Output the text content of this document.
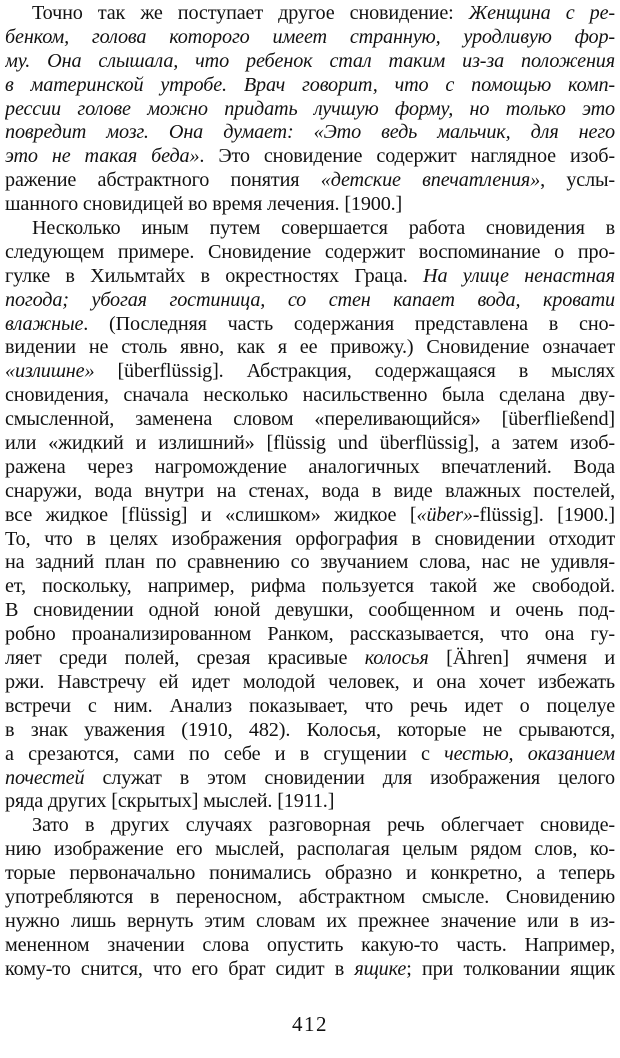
Точно так же поступает другое сновидение: Женщина с ре-
бенком, голова которого имеет странную, уродливую фор-
му. Она слышала, что ребенок стал таким из-за положения
в материнской утробе. Врач говорит, что с помощью комп-
рессии голове можно придать лучшую форму, но только это
повредит мозг. Она думает: «Это ведь мальчик, для него
это не такая беда». Это сновидение содержит наглядное изоб-
ражение абстрактного понятия «детские впечатления», услы-
шанного сновидицей во время лечения. [1900.]
Несколько иным путем совершается работа сновидения в
следующем примере. Сновидение содержит воспоминание о про-
гулке в Хильмтайх в окрестностях Граца. На улице ненастная
погода; убогая гостиница, со стен капает вода, кровати
влажные. (Последняя часть содержания представлена в сно-
видении не столь явно, как я ее привожу.) Сновидение означает
«излишне» [überflüssig]. Абстракция, содержащаяся в мыслях
сновидения, сначала несколько насильственно была сделана дву-
смысленной, заменена словом «переливающийся» [überfließend]
или «жидкий и излишний» [flüssig und überflüssig], а затем изоб-
ражена через нагромождение аналогичных впечатлений. Вода
снаружи, вода внутри на стенах, вода в виде влажных постелей,
все жидкое [flüssig] и «слишком» жидкое [«über»-flüssig]. [1900.]
То, что в целях изображения орфография в сновидении отходит
на задний план по сравнению со звучанием слова, нас не удивля-
ет, поскольку, например, рифма пользуется такой же свободой.
В сновидении одной юной девушки, сообщенном и очень под-
робно проанализированном Ранком, рассказывается, что она гу-
ляет среди полей, срезая красивые колосья [Ähren] ячменя и
ржи. Навстречу ей идет молодой человек, и она хочет избежать
встречи с ним. Анализ показывает, что речь идет о поцелуе
в знак уважения (1910, 482). Колосья, которые не срываются,
а срезаются, сами по себе и в сгущении с честью, оказанием
почестей служат в этом сновидении для изображения целого
ряда других [скрытых] мыслей. [1911.]
Зато в других случаях разговорная речь облегчает сновиде-
нию изображение его мыслей, располагая целым рядом слов, ко-
торые первоначально понимались образно и конкретно, а теперь
употребляются в переносном, абстрактном смысле. Сновидению
нужно лишь вернуть этим словам их прежнее значение или в из-
мененном значении слова опустить какую-то часть. Например,
кому-то снится, что его брат сидит в ящике; при толковании ящик
412
